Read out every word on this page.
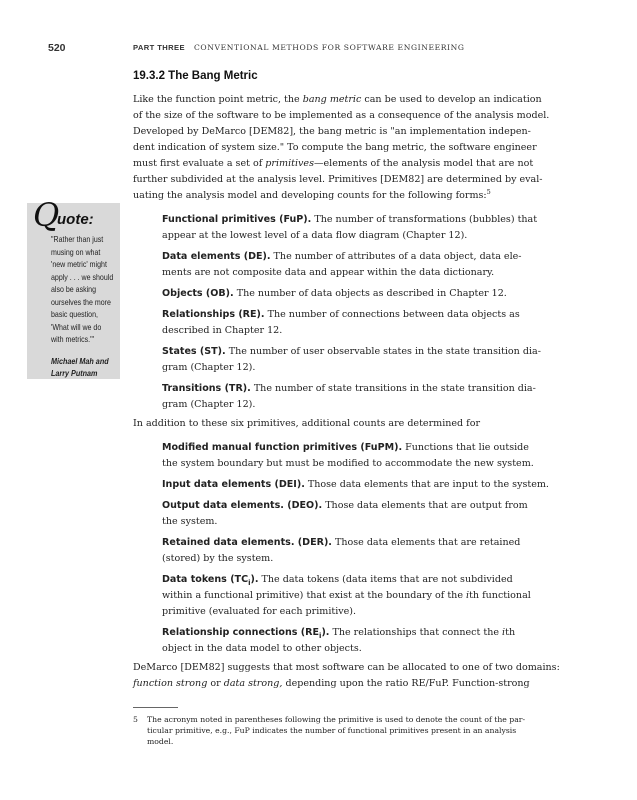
520	PART THREE CONVENTIONAL METHODS FOR SOFTWARE ENGINEERING
19.3.2 The Bang Metric
Like the function point metric, the bang metric can be used to develop an indication
of the size of the software to be implemented as a consequence of the analysis model.
Developed by DeMarco [DEM82], the bang metric is "an implementation indepen-
dent indication of system size." To compute the bang metric, the software engineer
must first evaluate a set of primitives—elements of the analysis model that are not
further subdivided at the analysis level. Primitives [DEM82] are determined by eval-
uating the analysis model and developing counts for the following forms:$^5$
Q
uote:
"Rather than just
musing on what
'new metric' might
apply . . . we should
also be asking
ourselves the more
basic question,
'What will we do
with metrics.'"
Michael Mah and
Larry Putnam
Functional primitives (FuP). The number of transformations (bubbles) that
appear at the lowest level of a data flow diagram (Chapter 12).
Data elements (DE). The number of attributes of a data object, data ele-
ments are not composite data and appear within the data dictionary.
Objects (OB). The number of data objects as described in Chapter 12.
Relationships (RE). The number of connections between data objects as
described in Chapter 12.
States (ST). The number of user observable states in the state transition dia-
gram (Chapter 12).
Transitions (TR). The number of state transitions in the state transition dia-
gram (Chapter 12).
In addition to these six primitives, additional counts are determined for
Modified manual function primitives (FuPM). Functions that lie outside
the system boundary but must be modified to accommodate the new system.
Input data elements (DEI). Those data elements that are input to the system.
Output data elements. (DEO). Those data elements that are output from
the system.
Retained data elements. (DER). Those data elements that are retained
(stored) by the system.
Data tokens $(TC_i)$. The data tokens (data items that are not subdivided
within a functional primitive) that exist at the boundary of the ith functional
primitive (evaluated for each primitive).
Relationship connections $(RE_i)$. The relationships that connect the ith
object in the data model to other objects.
DeMarco [DEM82] suggests that most software can be allocated to one of two domains:
function strong or data strong, depending upon the ratio RE/FuP. Function-strong
5 The acronym noted in parentheses following the primitive is used to denote the count of the par-
ticular primitive, e.g., FuP indicates the number of functional primitives present in an analysis
model.
